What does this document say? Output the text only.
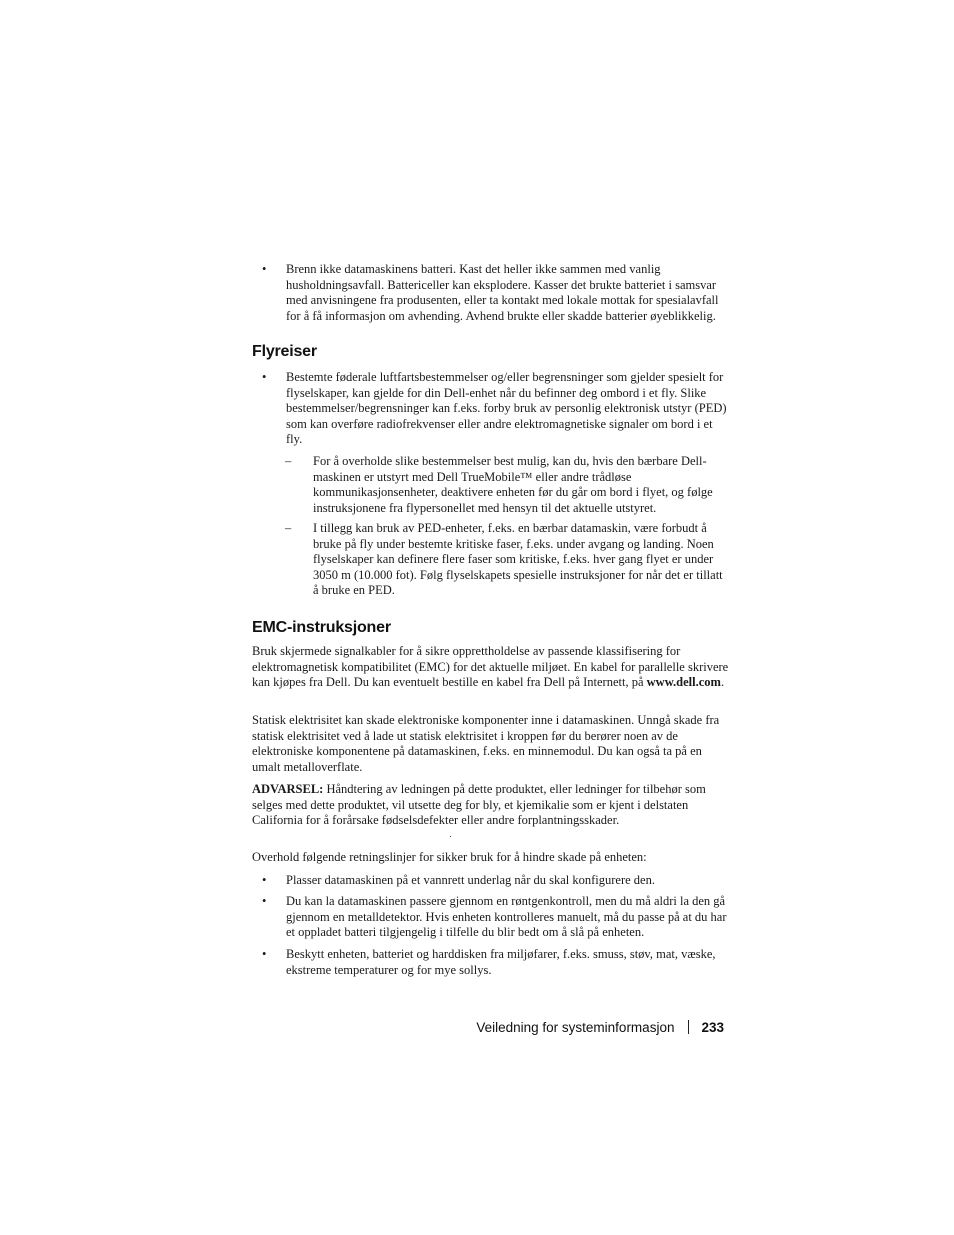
• Brenn ikke datamaskinens batteri. Kast det heller ikke sammen med vanlig husholdningsavfall. Battericeller kan eksplodere. Kasser det brukte batteriet i samsvar med anvisningene fra produsenten, eller ta kontakt med lokale mottak for spesialavfall for å få informasjon om avhending. Avhend brukte eller skadde batterier øyeblikkelig.

Flyreiser
• Bestemte føderale luftfartsbestemmelser og/eller begrensninger som gjelder spesielt for flyselskaper, kan gjelde for din Dell-enhet når du befinner deg ombord i et fly. Slike bestemmelser/begrensninger kan f.eks. forby bruk av personlig elektronisk utstyr (PED) som kan overføre radiofrekvenser eller andre elektromagnetiske signaler om bord i et fly.

– For å overholde slike bestemmelser best mulig, kan du, hvis den bærbare Dell-maskinen er utstyrt med Dell TrueMobile™ eller andre trådløse kommunikasjonsenheter, deaktivere enheten før du går om bord i flyet, og følge instruksjonene fra flypersonellet med hensyn til det aktuelle utstyret.

– I tillegg kan bruk av PED-enheter, f.eks. en bærbar datamaskin, være forbudt å bruke på fly under bestemte kritiske faser, f.eks. under avgang og landing. Noen flyselskaper kan definere flere faser som kritiske, f.eks. hver gang flyet er under 3050 m (10.000 fot). Følg flyselskapets spesielle instruksjoner for når det er tillatt å bruke en PED.

EMC-instruksjoner

Bruk skjermede signalkabler for å sikre opprettholdelse av passende klassifisering for elektromagnetisk kompatibilitet (EMC) for det aktuelle miljøet. En kabel for parallelle skrivere kan kjøpes fra Dell. Du kan eventuelt bestille en kabel fra Dell på Internett, på www.dell.com.

Statisk elektrisitet kan skade elektroniske komponenter inne i datamaskinen. Unngå skade fra statisk elektrisitet ved å lade ut statisk elektrisitet i kroppen før du berører noen av de elektroniske komponentene på datamaskinen, f.eks. en minnemodul. Du kan også ta på en umalt metalloverflate.

ADVARSEL: Håndtering av ledningen på dette produktet, eller ledninger for tilbehør som selges med dette produktet, vil utsette deg for bly, et kjemikalie som er kjent i delstaten California for å forårsake fødselsdefekter eller andre forplantningsskader.

Overhold følgende retningslinjer for sikker bruk for å hindre skade på enheten:

• Plasser datamaskinen på et vannrett underlag når du skal konfigurere den.

• Du kan la datamaskinen passere gjennom en røntgenkontroll, men du må aldri la den gå gjennom en metalldetektor. Hvis enheten kontrolleres manuelt, må du passe på at du har et oppladet batteri tilgjengelig i tilfelle du blir bedt om å slå på enheten.

• Beskytt enheten, batteriet og harddisken fra miljøfarer, f.eks. smuss, støv, mat, væske, ekstreme temperaturer og for mye sollys.

Veiledning for systeminformasjon 233
